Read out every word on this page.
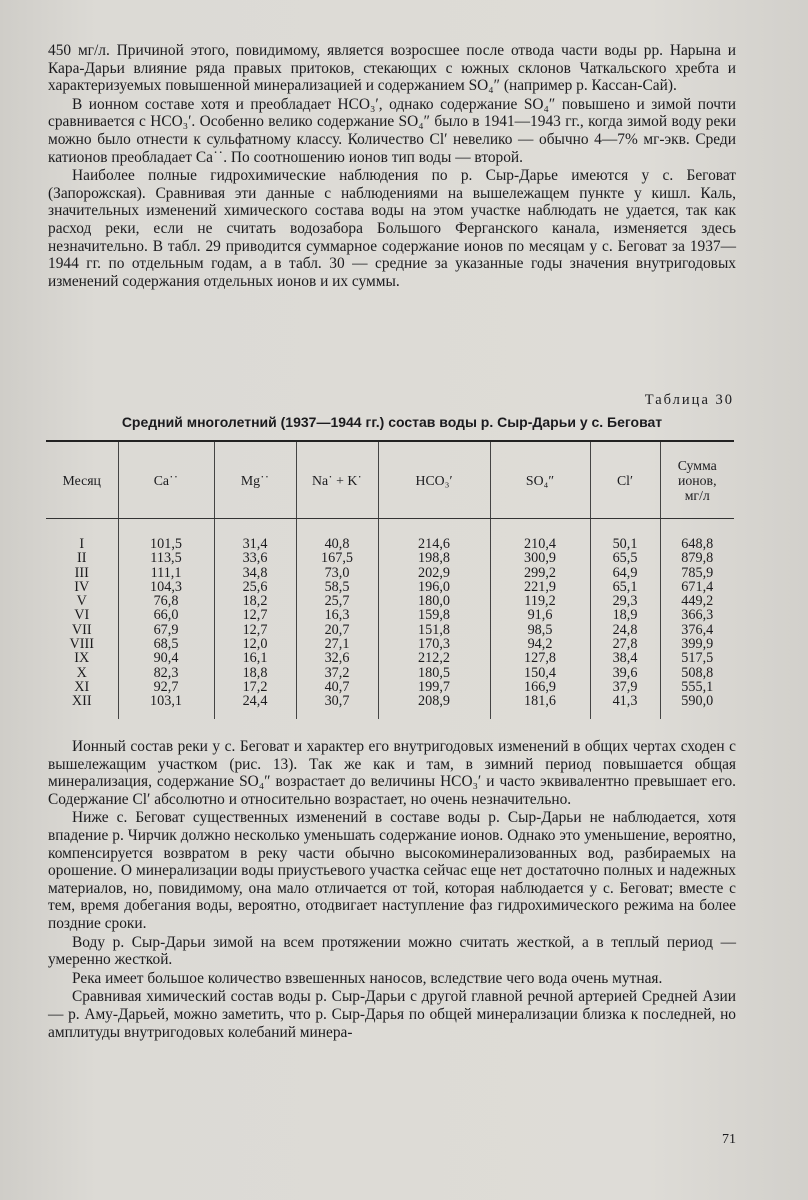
450 мг/л. Причиной этого, повидимому, является возросшее после отвода части воды рр. Нарына и Кара-Дарьи влияние ряда правых притоков, стекающих с южных склонов Чаткальского хребта и характеризуемых повышенной минерализацией и содержанием SO₄″ (например р. Кассан-Сай).

В ионном составе хотя и преобладает HCO₃′, однако содержание SO₄″ повышено и зимой почти сравнивается с HCO₃′. Особенно велико содержание SO₄″ было в 1941—1943 гг., когда зимой воду реки можно было отнести к сульфатному классу. Количество Cl′ невелико — обычно 4—7% мг-экв. Среди катионов преобладает Ca˙˙. По соотношению ионов тип воды — второй.

Наиболее полные гидрохимические наблюдения по р. Сыр-Дарье имеются у с. Беговат (Запорожская). Сравнивая эти данные с наблюдениями на вышележащем пункте у кишл. Каль, значительных изменений химического состава воды на этом участке наблюдать не удается, так как расход реки, если не считать водозабора Большого Ферганского канала, изменяется здесь незначительно. В табл. 29 приводится суммарное содержание ионов по месяцам у с. Беговат за 1937—1944 гг. по отдельным годам, а в табл. 30 — средние за указанные годы значения внутригодовых изменений содержания отдельных ионов и их суммы.

Таблица 30
Средний многолетний (1937—1944 гг.) состав воды р. Сыр-Дарьи у с. Беговат
Месяц	Ca˙˙	Mg˙˙	Na˙ + K˙	HCO₃′	SO₄″	Cl′	Сумма
ионов,
мг/л

I	101,5	31,4	40,8	214,6	210,4	50,1	648,8
II	113,5	33,6	167,5	198,8	300,9	65,5	879,8
III	111,1	34,8	73,0	202,9	299,2	64,9	785,9
IV	104,3	25,6	58,5	196,0	221,9	65,1	671,4
V	76,8	18,2	25,7	180,0	119,2	29,3	449,2
VI	66,0	12,7	16,3	159,8	91,6	18,9	366,3
VII	67,9	12,7	20,7	151,8	98,5	24,8	376,4
VIII	68,5	12,0	27,1	170,3	94,2	27,8	399,9
IX	90,4	16,1	32,6	212,2	127,8	38,4	517,5
X	82,3	18,8	37,2	180,5	150,4	39,6	508,8
XI	92,7	17,2	40,7	199,7	166,9	37,9	555,1
XII	103,1	24,4	30,7	208,9	181,6	41,3	590,0

Ионный состав реки у с. Беговат и характер его внутригодовых изменений в общих чертах сходен с вышележащим участком (рис. 13). Так же как и там, в зимний период повышается общая минерализация, содержание SO₄″ возрастает до величины HCO₃′ и часто эквивалентно превышает его. Содержание Cl′ абсолютно и относительно возрастает, но очень незначительно.

Ниже с. Беговат существенных изменений в составе воды р. Сыр-Дарьи не наблюдается, хотя впадение р. Чирчик должно несколько уменьшать содержание ионов. Однако это уменьшение, вероятно, компенсируется возвратом в реку части обычно высокоминерализованных вод, разбираемых на орошение. О минерализации воды приустьевого участка сейчас еще нет достаточно полных и надежных материалов, но, повидимому, она мало отличается от той, которая наблюдается у с. Беговат; вместе с тем, время добегания воды, вероятно, отодвигает наступление фаз гидрохимического режима на более поздние сроки.

Воду р. Сыр-Дарьи зимой на всем протяжении можно считать жесткой, а в теплый период — умеренно жесткой.

Река имеет большое количество взвешенных наносов, вследствие чего вода очень мутная.

Сравнивая химический состав воды р. Сыр-Дарьи с другой главной речной артерией Средней Азии — р. Аму-Дарьей, можно заметить, что р. Сыр-Дарья по общей минерализации близка к последней, но амплитуды внутригодовых колебаний минера-

71
